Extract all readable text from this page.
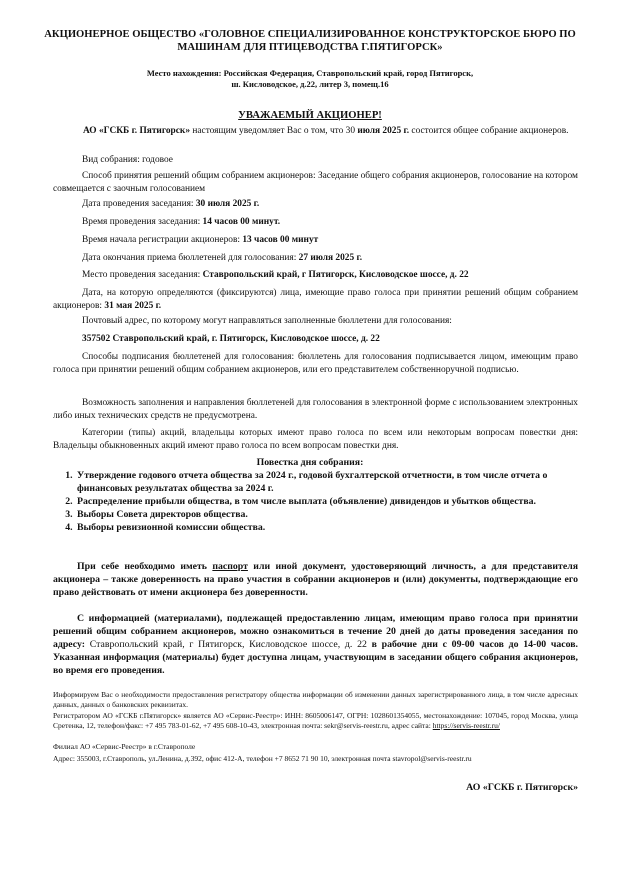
АКЦИОНЕРНОЕ ОБЩЕСТВО «ГОЛОВНОЕ СПЕЦИАЛИЗИРОВАННОЕ КОНСТРУКТОРСКОЕ БЮРО ПО МАШИНАМ ДЛЯ ПТИЦЕВОДСТВА Г.ПЯТИГОРСК»
Место нахождения: Российская Федерация, Ставропольский край, город Пятигорск,
ш. Кисловодское, д.22, литер 3, помещ.16
УВАЖАЕМЫЙ АКЦИОНЕР!
АО «ГСКБ г. Пятигорск» настоящим уведомляет Вас о том, что 30 июля 2025 г. состоится общее собрание акционеров.
Вид собрания: годовое
Способ принятия решений общим собранием акционеров: Заседание общего собрания акционеров, голосование на котором совмещается с заочным голосованием
Дата проведения заседания: 30 июля 2025 г.
Время проведения заседания: 14 часов 00 минут.
Время начала регистрации акционеров: 13 часов 00 минут
Дата окончания приема бюллетеней для голосования: 27 июля 2025 г.
Место проведения заседания: Ставропольский край, г Пятигорск, Кисловодское шоссе, д. 22
Дата, на которую определяются (фиксируются) лица, имеющие право голоса при принятии решений общим собранием акционеров: 31 мая 2025 г.
Почтовый адрес, по которому могут направляться заполненные бюллетени для голосования:
357502 Ставропольский край, г. Пятигорск, Кисловодское шоссе, д. 22
Способы подписания бюллетеней для голосования: бюллетень для голосования подписывается лицом, имеющим право голоса при принятии решений общим собранием акционеров, или его представителем собственноручной подписью.
Возможность заполнения и направления бюллетеней для голосования в электронной форме с использованием электронных либо иных технических средств не предусмотрена.
Категории (типы) акций, владельцы которых имеют право голоса по всем или некоторым вопросам повестки дня: Владельцы обыкновенных акций имеют право голоса по всем вопросам повестки дня.
Повестка дня собрания:
1. Утверждение годового отчета общества за 2024 г., годовой бухгалтерской отчетности, в том числе отчета о финансовых результатах общества за 2024 г.
2. Распределение прибыли общества, в том числе выплата (объявление) дивидендов и убытков общества.
3. Выборы Совета директоров общества.
4. Выборы ревизионной комиссии общества.
При себе необходимо иметь паспорт или иной документ, удостоверяющий личность, а для представителя акционера – также доверенность на право участия в собрании акционеров и (или) документы, подтверждающие его право действовать от имени акционера без доверенности.
С информацией (материалами), подлежащей предоставлению лицам, имеющим право голоса при принятии решений общим собранием акционеров, можно ознакомиться в течение 20 дней до даты проведения заседания по адресу: Ставропольский край, г Пятигорск, Кисловодское шоссе, д. 22 в рабочие дни с 09-00 часов до 14-00 часов. Указанная информация (материалы) будет доступна лицам, участвующим в заседании общего собрания акционеров, во время его проведения.
Информируем Вас о необходимости предоставления регистратору общества информации об изменении данных зарегистрированного лица, в том числе адресных данных, данных о банковских реквизитах.
Регистратором АО «ГСКБ г.Пятигорск» является АО «Сервис-Реестр»: ИНН: 8605006147, ОГРН: 1028601354055, местонахождение: 107045, город Москва, улица Сретенка, 12, телефон/факс: +7 495 783-01-62, +7 495 608-10-43, электронная почта: sekr@servis-reestr.ru, адрес сайта: https://servis-reestr.ru/
Филиал АО «Сервис-Реестр» в г.Ставрополе
Адрес: 355003, г.Ставрополь, ул.Ленина, д.392, офис 412-А, телефон +7 8652 71 90 10, электронная почта stavropol@servis-reestr.ru
АО «ГСКБ г. Пятигорск»
